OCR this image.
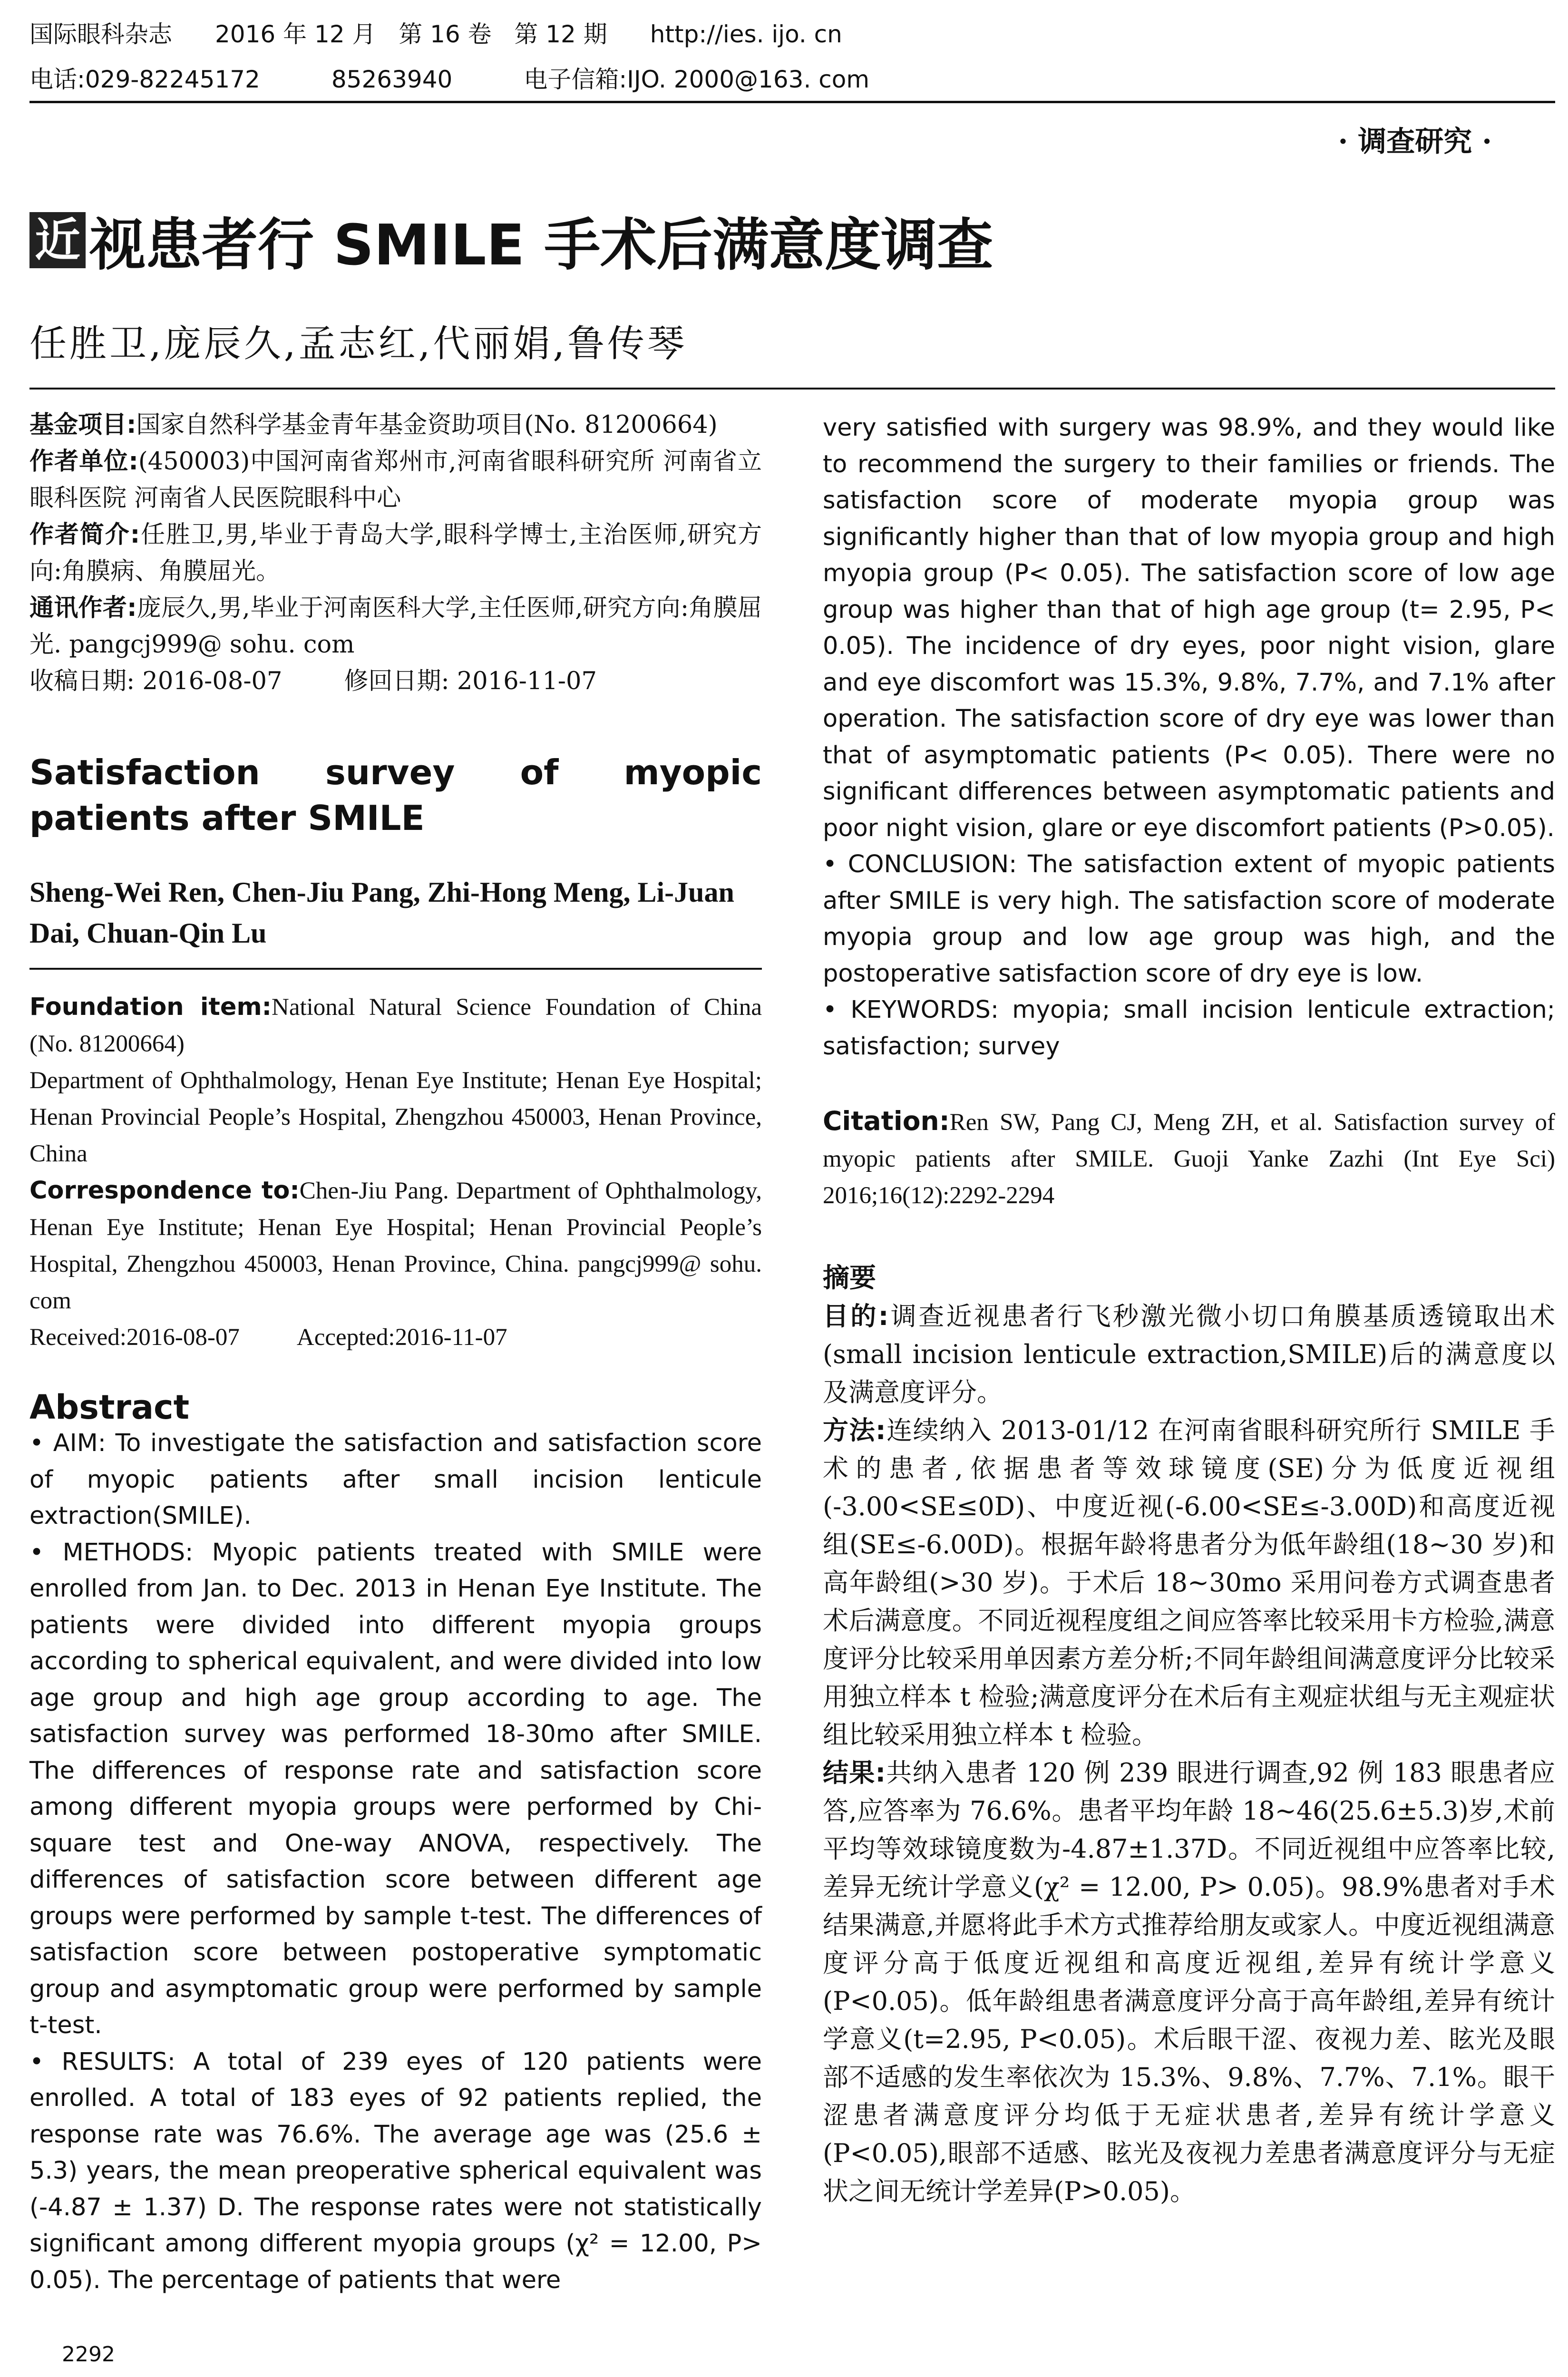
国际眼科杂志 2016 年 12 月   第 16 卷   第 12 期 http://ies. ijo. cn
电话:029-82245172	85263940	电子信箱:IJO. 2000@163. com
· 调查研究 ·
近 视患者行 SMILE 手术后满意度调查
任胜卫,庞辰久,孟志红,代丽娟,鲁传琴

基金项目:国家自然科学基金青年基金资助项目(No. 81200664)

作者单位:(450003)中国河南省郑州市,河南省眼科研究所 河南省立眼科医院 河南省人民医院眼科中心

作者简介:任胜卫,男,毕业于青岛大学,眼科学博士,主治医师,研究方向:角膜病、角膜屈光。

通讯作者:庞辰久,男,毕业于河南医科大学,主任医师,研究方向:角膜屈光. pangcj999@ sohu. com

收稿日期: 2016-08-07	修回日期: 2016-11-07

Satisfaction survey of myopic patients after SMILE
Sheng-Wei Ren, Chen-Jiu Pang, Zhi-Hong Meng, Li-Juan Dai, Chuan-Qin Lu

Foundation item:National Natural Science Foundation of China (No. 81200664)

Department of Ophthalmology, Henan Eye Institute; Henan Eye Hospital; Henan Provincial People’s Hospital, Zhengzhou 450003, Henan Province, China

Correspondence to:Chen-Jiu Pang. Department of Ophthalmology, Henan Eye Institute; Henan Eye Hospital; Henan Provincial People’s Hospital, Zhengzhou 450003, Henan Province, China. pangcj999@ sohu. com

Received:2016-08-07 Accepted:2016-11-07

Abstract

• AIM: To investigate the satisfaction and satisfaction score of myopic patients after small incision lenticule extraction(SMILE).

• METHODS: Myopic patients treated with SMILE were enrolled from Jan. to Dec. 2013 in Henan Eye Institute. The patients were divided into different myopia groups according to spherical equivalent, and were divided into low age group and high age group according to age. The satisfaction survey was performed 18-30mo after SMILE. The differences of response rate and satisfaction score among different myopia groups were performed by Chi-square test and One-way ANOVA, respectively. The differences of satisfaction score between different age groups were performed by sample t-test. The differences of satisfaction score between postoperative symptomatic group and asymptomatic group were performed by sample t-test.

• RESULTS: A total of 239 eyes of 120 patients were enrolled. A total of 183 eyes of 92 patients replied, the response rate was 76.6%. The average age was (25.6 ± 5.3) years, the mean preoperative spherical equivalent was (-4.87 ± 1.37) D. The response rates were not statistically significant among different myopia groups (χ² = 12.00, P> 0.05). The percentage of patients that were

very satisfied with surgery was 98.9%, and they would like to recommend the surgery to their families or friends. The satisfaction score of moderate myopia group was significantly higher than that of low myopia group and high myopia group (P< 0.05). The satisfaction score of low age group was higher than that of high age group (t= 2.95, P< 0.05). The incidence of dry eyes, poor night vision, glare and eye discomfort was 15.3%, 9.8%, 7.7%, and 7.1% after operation. The satisfaction score of dry eye was lower than that of asymptomatic patients (P< 0.05). There were no significant differences between asymptomatic patients and poor night vision, glare or eye discomfort patients (P>0.05).

• CONCLUSION: The satisfaction extent of myopic patients after SMILE is very high. The satisfaction score of moderate myopia group and low age group was high, and the postoperative satisfaction score of dry eye is low.

• KEYWORDS: myopia; small incision lenticule extraction; satisfaction; survey

Citation:Ren SW, Pang CJ, Meng ZH, et al. Satisfaction survey of myopic patients after SMILE. Guoji Yanke Zazhi (Int Eye Sci) 2016;16(12):2292-2294
摘要

目的:调查近视患者行飞秒激光微小切口角膜基质透镜取出术(small incision lenticule extraction,SMILE)后的满意度以及满意度评分。

方法:连续纳入 2013-01/12 在河南省眼科研究所行 SMILE 手术的患者,依据患者等效球镜度(SE)分为低度近视组(-3.00<SE≤0D)、中度近视(-6.00<SE≤-3.00D)和高度近视组(SE≤-6.00D)。根据年龄将患者分为低年龄组(18~30 岁)和高年龄组(>30 岁)。于术后 18~30mo 采用问卷方式调查患者术后满意度。不同近视程度组之间应答率比较采用卡方检验,满意度评分比较采用单因素方差分析;不同年龄组间满意度评分比较采用独立样本 t 检验;满意度评分在术后有主观症状组与无主观症状组比较采用独立样本 t 检验。

结果:共纳入患者 120 例 239 眼进行调查,92 例 183 眼患者应答,应答率为 76.6%。患者平均年龄 18~46(25.6±5.3)岁,术前平均等效球镜度数为-4.87±1.37D。不同近视组中应答率比较,差异无统计学意义(χ² = 12.00, P> 0.05)。98.9%患者对手术结果满意,并愿将此手术方式推荐给朋友或家人。中度近视组满意度评分高于低度近视组和高度近视组,差异有统计学意义(P<0.05)。低年龄组患者满意度评分高于高年龄组,差异有统计学意义(t=2.95, P<0.05)。术后眼干涩、夜视力差、眩光及眼部不适感的发生率依次为 15.3%、9.8%、7.7%、7.1%。眼干涩患者满意度评分均低于无症状患者,差异有统计学意义(P<0.05),眼部不适感、眩光及夜视力差患者满意度评分与无症状之间无统计学差异(P>0.05)。

2292
